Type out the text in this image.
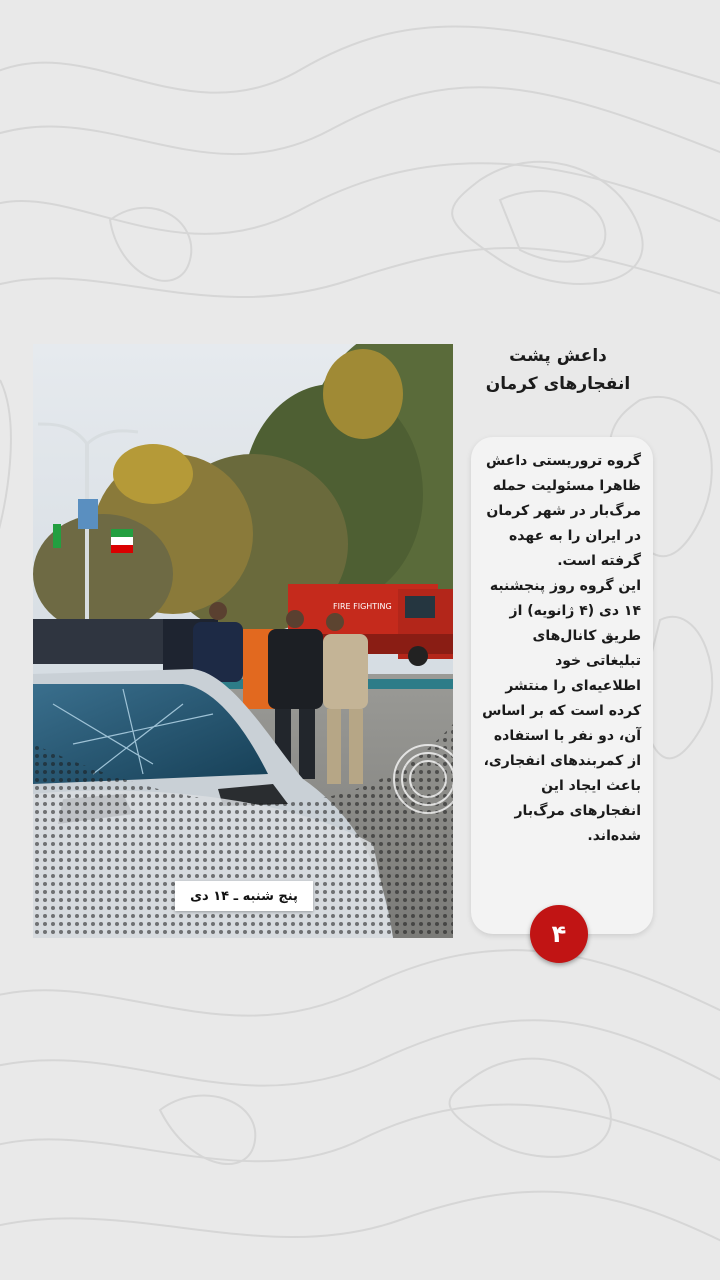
FIRE FIGHTING
پنج شنبه ـ ۱۴ دی
داعش پشت
انفجارهای کرمان
گروه تروریستی داعش ظاهرا مسئولیت حمله مرگ‌بار در شهر کرمان در ایران را به عهده گرفته است.
این گروه روز پنجشنبه ۱۴ دی (۴ ژانویه) از طریق کانال‌های تبلیغاتی خود اطلاعیه‌ای را منتشر کرده است که بر اساس آن، دو نفر با استفاده از کمربندهای انفجاری، باعث ایجاد این انفجارهای مرگ‌بار شده‌اند.
۴
